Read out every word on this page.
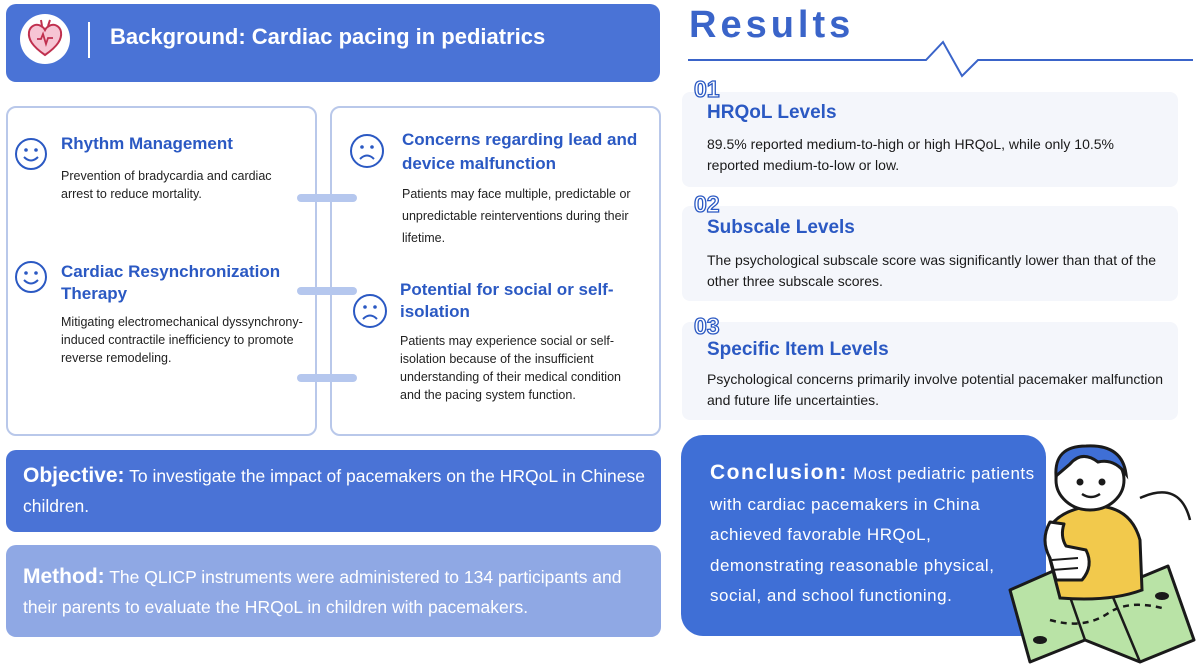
Background: Cardiac pacing in pediatrics
Rhythm Management
Prevention of bradycardia and cardiac arrest to reduce mortality.
Cardiac Resynchronization Therapy
Mitigating electromechanical dyssynchrony-induced contractile inefficiency to promote reverse remodeling.
Concerns regarding lead and device malfunction
Patients may face multiple, predictable or unpredictable reinterventions during their lifetime.
Potential for social or self-isolation
Patients may experience social or self-isolation because of the insufficient understanding of their medical condition and the pacing system function.
Objective: To investigate the impact of pacemakers on the HRQoL in Chinese children.
Method: The QLICP instruments were administered to 134 participants and their parents to evaluate the HRQoL in children with pacemakers.
Results
01
HRQoL Levels
89.5% reported medium-to-high or high HRQoL, while only 10.5% reported medium-to-low or low.
02
Subscale Levels
The psychological subscale score was significantly lower than that of the other three subscale scores.
03
Specific Item Levels
Psychological concerns primarily involve potential pacemaker malfunction and future life uncertainties.
Conclusion: Most pediatric patients with cardiac pacemakers in China achieved favorable HRQoL, demonstrating reasonable physical, social, and school functioning.
